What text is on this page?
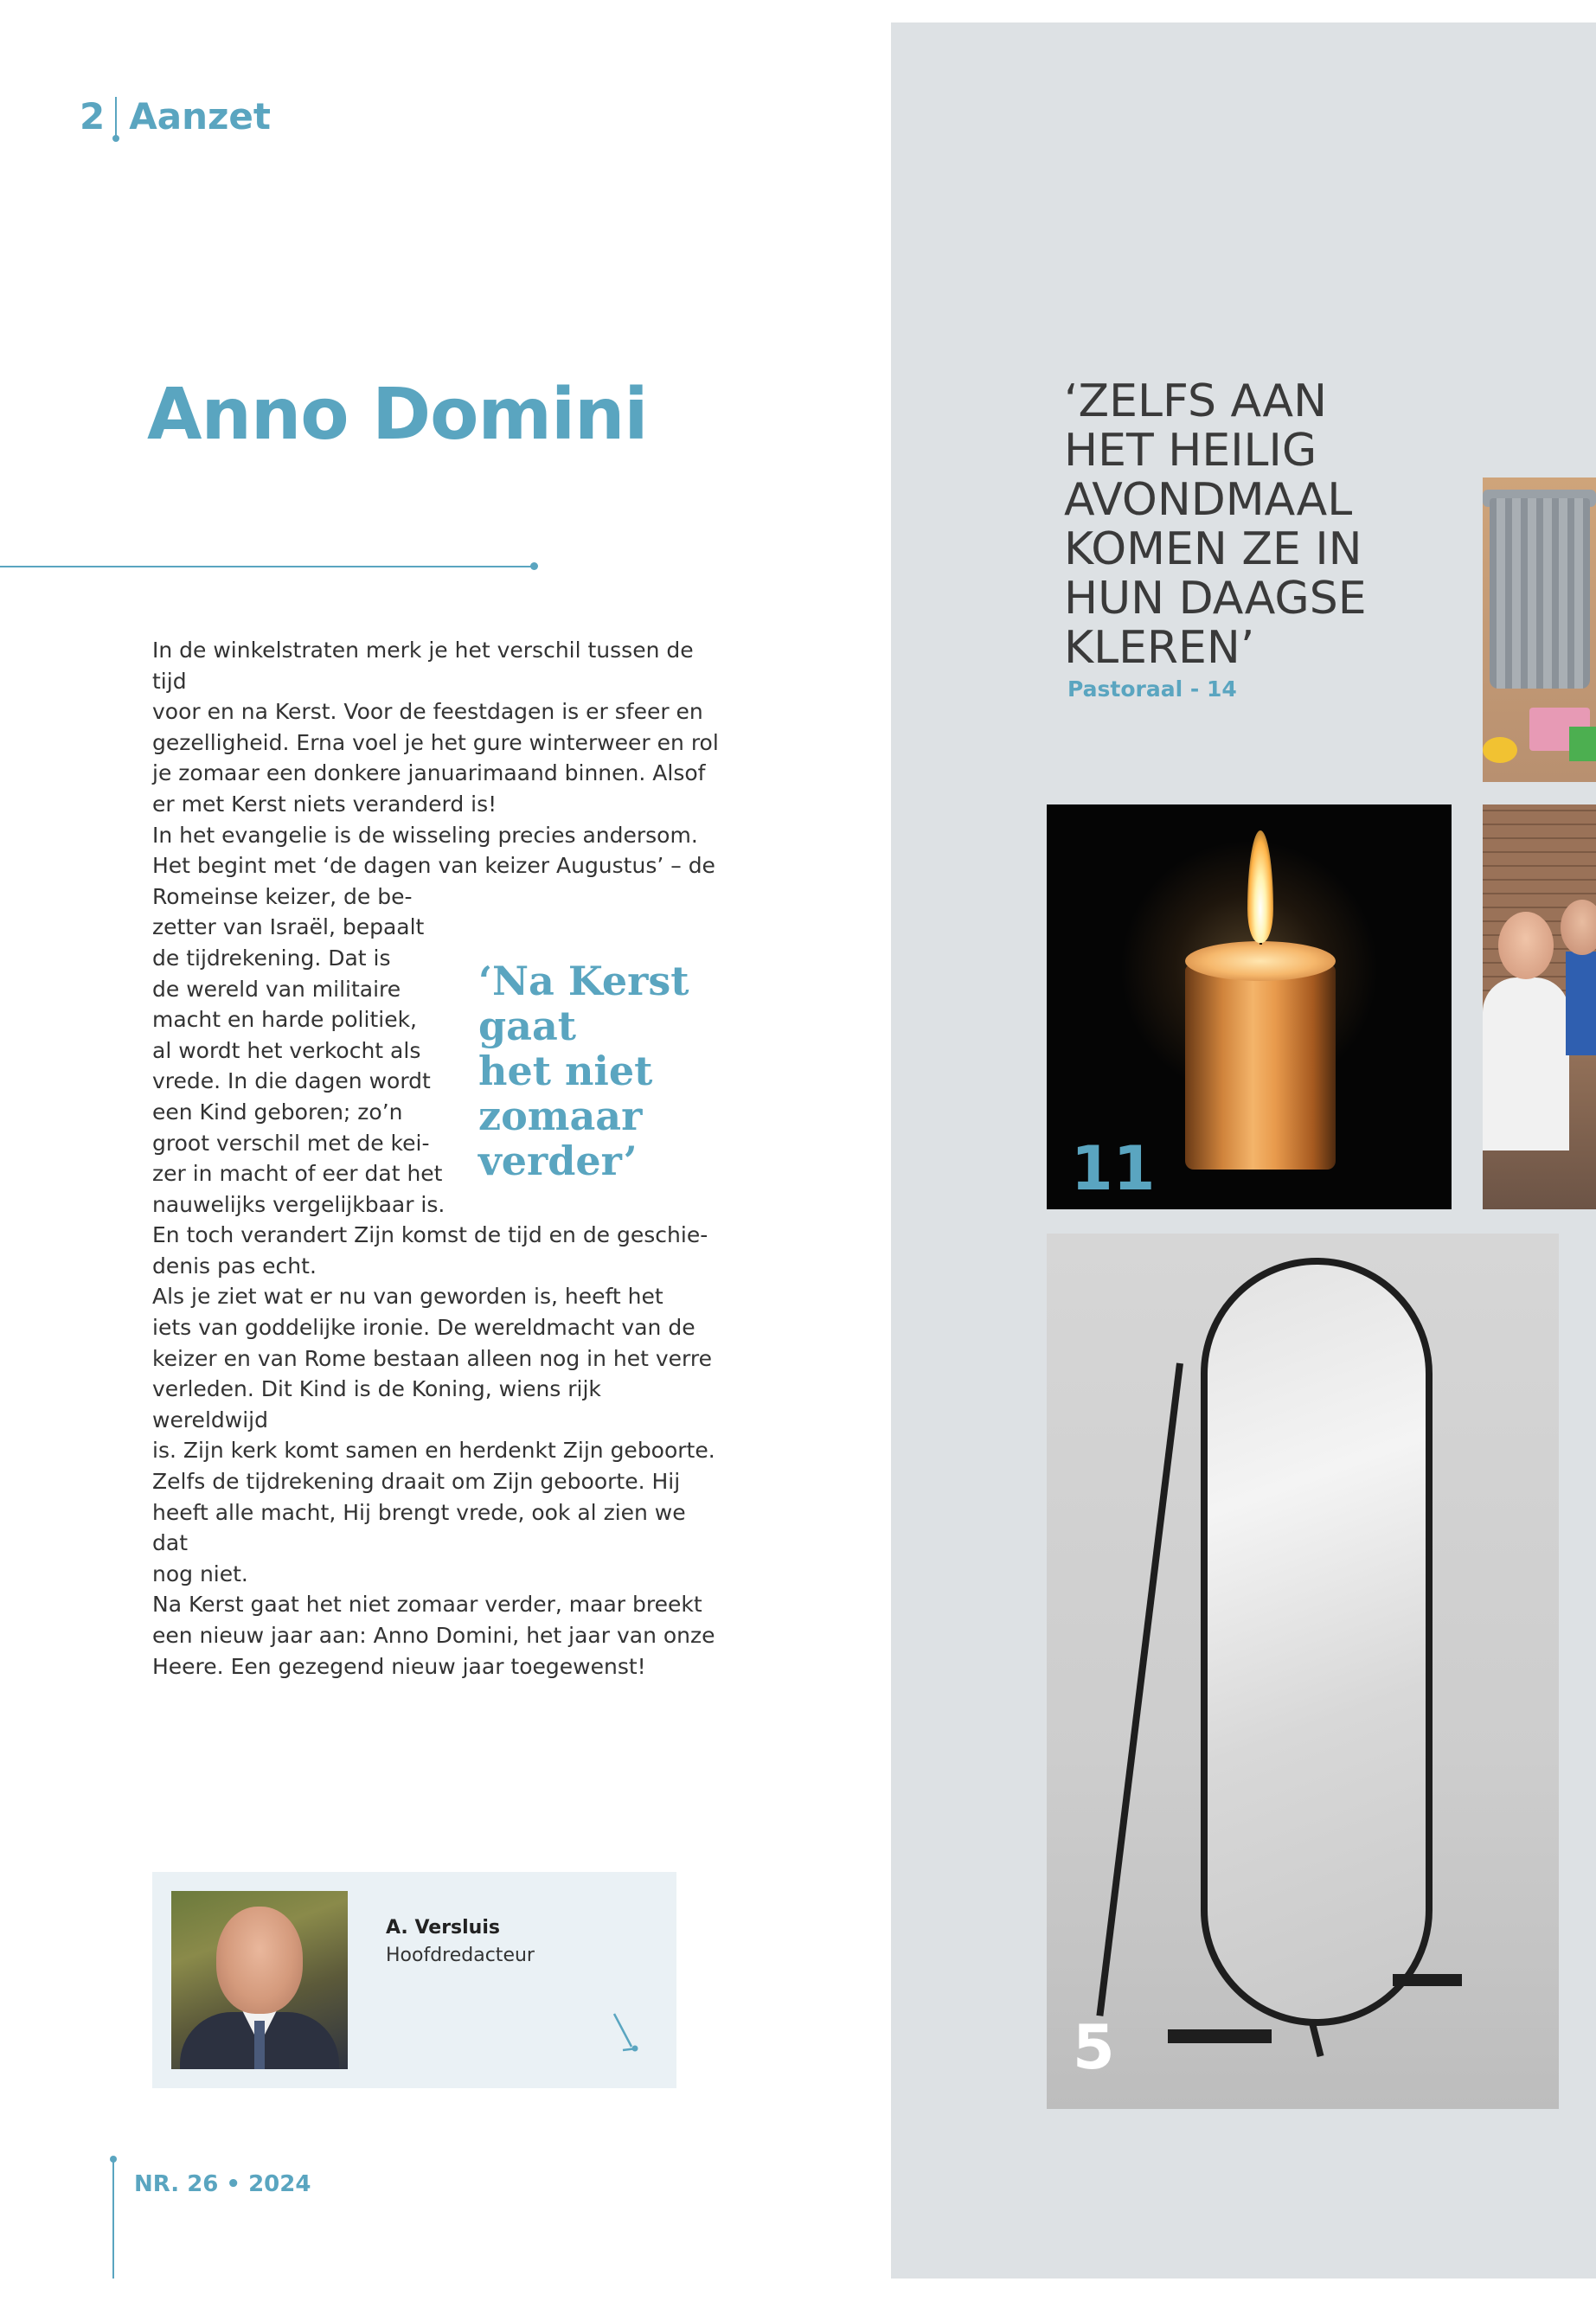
2 Aanzet
Anno Domini

In de winkelstraten merk je het verschil tussen de tijd
voor en na Kerst. Voor de feestdagen is er sfeer en
gezelligheid. Erna voel je het gure winterweer en rol
je zomaar een donkere januarimaand binnen. Alsof
er met Kerst niets veranderd is!
In het evangelie is de wisseling precies andersom.
Het begint met ‘de dagen van keizer Augustus’ – de
Romeinse keizer, de be-
zetter van Israël, bepaalt
de tijdrekening. Dat is
de wereld van militaire
macht en harde politiek,
al wordt het verkocht als
vrede. In die dagen wordt
een Kind geboren; zo’n
groot verschil met de kei-
zer in macht of eer dat het
nauwelijks vergelijkbaar is.
En toch verandert Zijn komst de tijd en de geschie-
denis pas echt.
Als je ziet wat er nu van geworden is, heeft het
iets van goddelijke ironie. De wereldmacht van de
keizer en van Rome bestaan alleen nog in het verre
verleden. Dit Kind is de Koning, wiens rijk wereldwijd
is. Zijn kerk komt samen en herdenkt Zijn geboorte.
Zelfs de tijdrekening draait om Zijn geboorte. Hij
heeft alle macht, Hij brengt vrede, ook al zien we dat
nog niet.
Na Kerst gaat het niet zomaar verder, maar breekt
een nieuw jaar aan: Anno Domini, het jaar van onze
Heere. Een gezegend nieuw jaar toegewenst!

‘Na Kerst gaat
het niet zomaar
verder’
A. Versluis
Hoofdredacteur
NR. 26 • 2024
‘ZELFS AAN
HET HEILIG
AVONDMAAL
KOMEN ZE IN
HUN DAAGSE
KLEREN’
Pastoraal - 14
11
5
